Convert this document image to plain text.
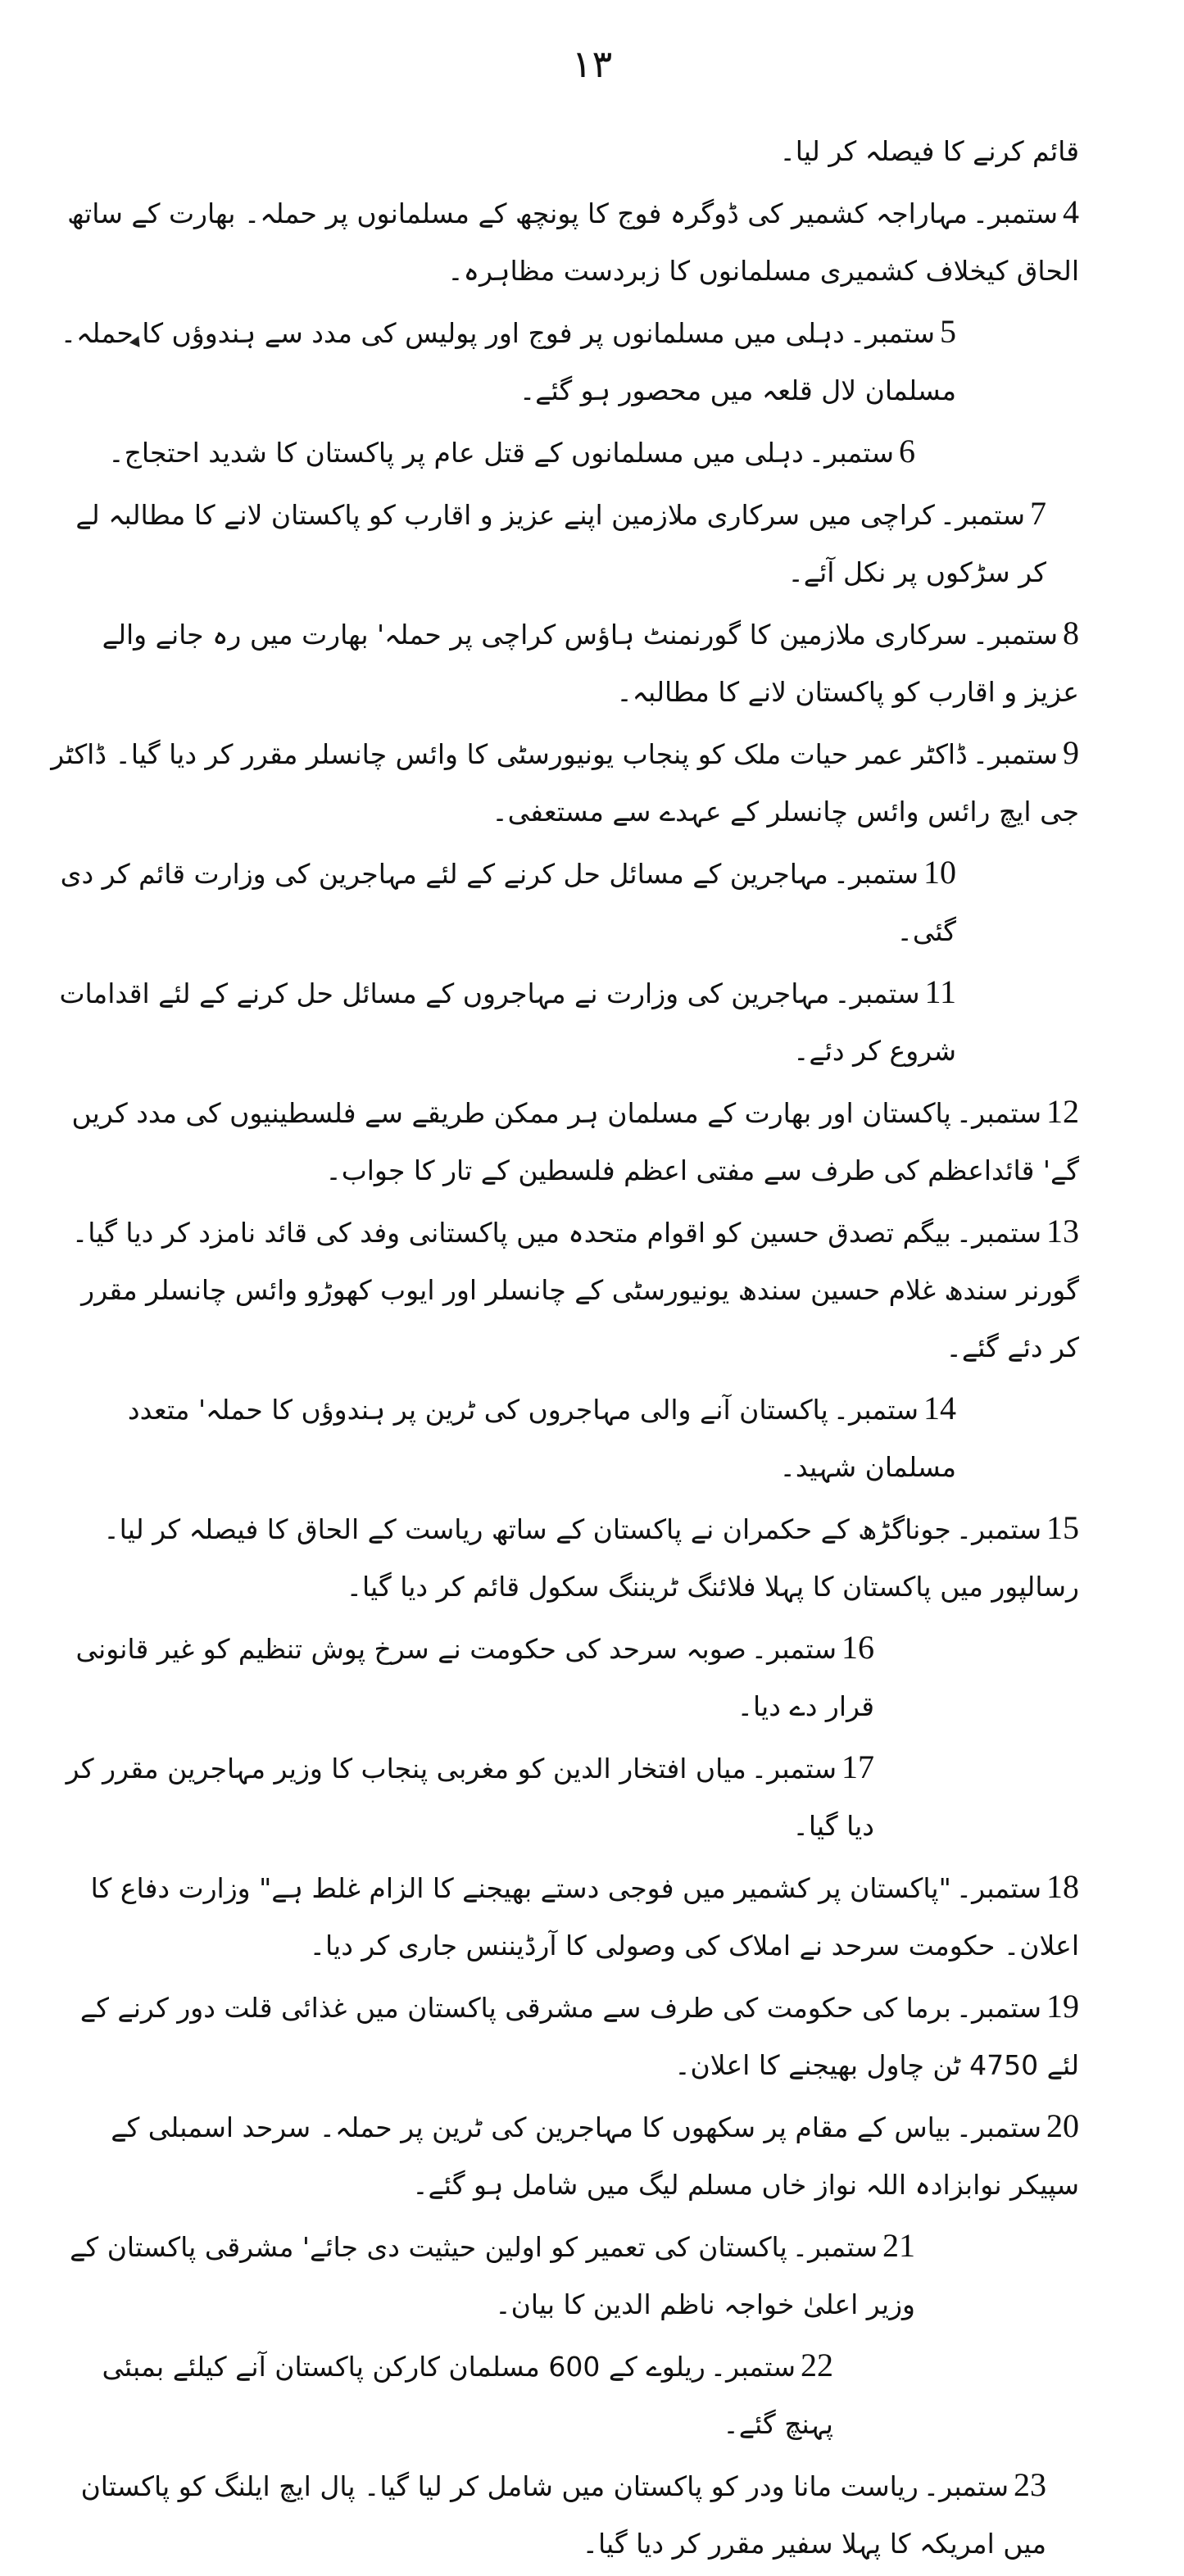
۱۳

قائم کرنے کا فیصلہ کر لیا۔

4ستمبر۔مہاراجہ کشمیر کی ڈوگرہ فوج کا پونچھ کے مسلمانوں پر حملہ۔ بھارت کے ساتھ الحاق کیخلاف کشمیری مسلمانوں کا زبردست مظاہرہ۔

5ستمبر۔دہلی میں مسلمانوں پر فوج اور پولیس کی مدد سے ہندوؤں کا حملہ۔ مسلمان لال قلعہ میں محصور ہو گئے۔

6ستمبر۔دہلی میں مسلمانوں کے قتل عام پر پاکستان کا شدید احتجاج۔

7ستمبر۔کراچی میں سرکاری ملازمین اپنے عزیز و اقارب کو پاکستان لانے کا مطالبہ لے کر سڑکوں پر نکل آئے۔

8ستمبر۔سرکاری ملازمین کا گورنمنٹ ہاؤس کراچی پر حملہ' بھارت میں رہ جانے والے عزیز و اقارب کو پاکستان لانے کا مطالبہ۔

9ستمبر۔ڈاکٹر عمر حیات ملک کو پنجاب یونیورسٹی کا وائس چانسلر مقرر کر دیا گیا۔ ڈاکٹر جی ایچ رائس وائس چانسلر کے عہدے سے مستعفی۔

10ستمبر۔مہاجرین کے مسائل حل کرنے کے لئے مہاجرین کی وزارت قائم کر دی گئی۔

11ستمبر۔مہاجرین کی وزارت نے مہاجروں کے مسائل حل کرنے کے لئے اقدامات شروع کر دئے۔

12ستمبر۔پاکستان اور بھارت کے مسلمان ہر ممکن طریقے سے فلسطینیوں کی مدد کریں گے' قائداعظم کی طرف سے مفتی اعظم فلسطین کے تار کا جواب۔

13ستمبر۔بیگم تصدق حسین کو اقوام متحدہ میں پاکستانی وفد کی قائد نامزد کر دیا گیا۔ گورنر سندھ غلام حسین سندھ یونیورسٹی کے چانسلر اور ایوب کھوڑو وائس چانسلر مقرر کر دئے گئے۔

14ستمبر۔پاکستان آنے والی مہاجروں کی ٹرین پر ہندوؤں کا حملہ' متعدد مسلمان شہید۔

15ستمبر۔جوناگڑھ کے حکمران نے پاکستان کے ساتھ ریاست کے الحاق کا فیصلہ کر لیا۔ رسالپور میں پاکستان کا پہلا فلائنگ ٹریننگ سکول قائم کر دیا گیا۔

16ستمبر۔صوبہ سرحد کی حکومت نے سرخ پوش تنظیم کو غیر قانونی قرار دے دیا۔

17ستمبر۔میاں افتخار الدین کو مغربی پنجاب کا وزیر مہاجرین مقرر کر دیا گیا۔

18ستمبر۔"پاکستان پر کشمیر میں فوجی دستے بھیجنے کا الزام غلط ہے" وزارت دفاع کا اعلان۔ حکومت سرحد نے املاک کی وصولی کا آرڈیننس جاری کر دیا۔

19ستمبر۔برما کی حکومت کی طرف سے مشرقی پاکستان میں غذائی قلت دور کرنے کے لئے 4750 ٹن چاول بھیجنے کا اعلان۔

20ستمبر۔بیاس کے مقام پر سکھوں کا مہاجرین کی ٹرین پر حملہ۔ سرحد اسمبلی کے سپیکر نوابزادہ اللہ نواز خاں مسلم لیگ میں شامل ہو گئے۔

21ستمبر۔پاکستان کی تعمیر کو اولین حیثیت دی جائے' مشرقی پاکستان کے وزیر اعلیٰ خواجہ ناظم الدین کا بیان۔

22ستمبر۔ریلوے کے 600 مسلمان کارکن پاکستان آنے کیلئے بمبئی پہنچ گئے۔

23ستمبر۔ریاست مانا ودر کو پاکستان میں شامل کر لیا گیا۔ پال ایچ ایلنگ کو پاکستان میں امریکہ کا پہلا سفیر مقرر کر دیا گیا۔
